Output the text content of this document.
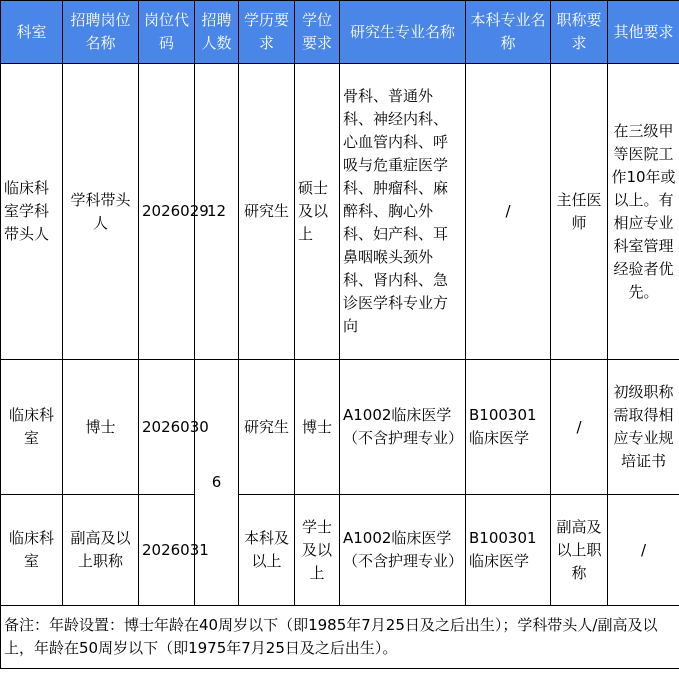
科室	招聘岗位名称	岗位代码	招聘人数	学历要求	学位要求	研究生专业名称	本科专业名称	职称要求	其他要求
临床科室学科带头人	学科带头人	2026029	12	研究生	硕士及以上	骨科、普通外科、神经内科、心血管内科、呼吸与危重症医学科、肿瘤科、麻醉科、胸心外科、妇产科、耳鼻咽喉头颈外科、肾内科、急诊医学科专业方向	/	主任医师	在三级甲等医院工作10年或以上。有相应专业科室管理经验者优先。
临床科室	博士	2026030	6	研究生	博士	A1002临床医学（不含护理专业）	B100301临床医学	/	初级职称需取得相应专业规培证书
临床科室	副高及以上职称	2026031		本科及以上	学士及以上	A1002临床医学（不含护理专业）	B100301临床医学	副高及以上职称	/
备注：年龄设置：博士年龄在40周岁以下（即1985年7月25日及之后出生）；学科带头人/副高及以上，年龄在50周岁以下（即1975年7月25日及之后出生）。									
